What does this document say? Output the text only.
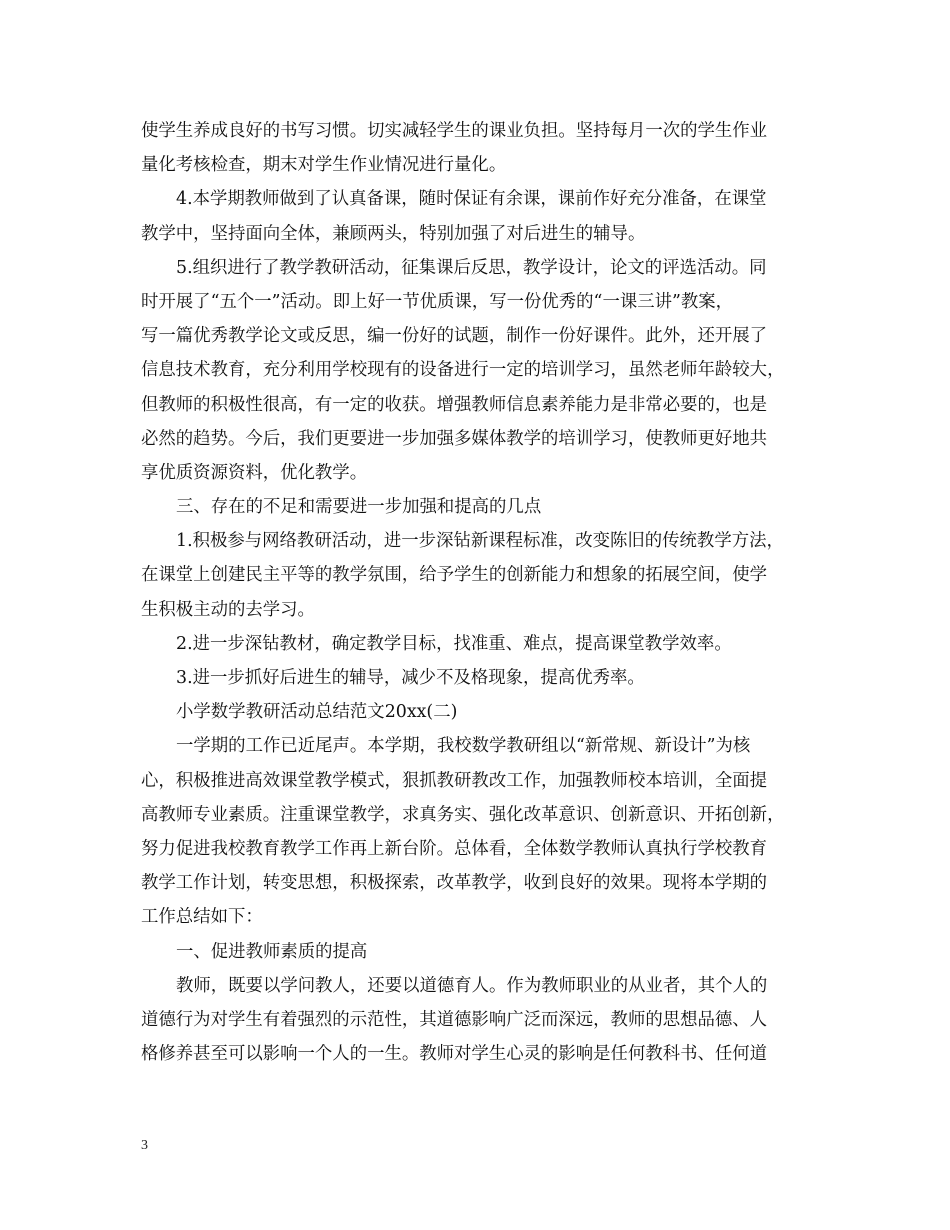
使学生养成良好的书写习惯。切实减轻学生的课业负担。坚持每月一次的学生作业
量化考核检查，期末对学生作业情况进行量化。
4.本学期教师做到了认真备课，随时保证有余课，课前作好充分准备，在课堂
教学中，坚持面向全体，兼顾两头，特别加强了对后进生的辅导。
5.组织进行了教学教研活动，征集课后反思，教学设计，论文的评选活动。同
时开展了“五个一”活动。即上好一节优质课，写一份优秀的“一课三讲”教案，
写一篇优秀教学论文或反思，编一份好的试题，制作一份好课件。此外，还开展了
信息技术教育，充分利用学校现有的设备进行一定的培训学习，虽然老师年龄较大，
但教师的积极性很高，有一定的收获。增强教师信息素养能力是非常必要的，也是
必然的趋势。今后，我们更要进一步加强多媒体教学的培训学习，使教师更好地共
享优质资源资料，优化教学。
三、存在的不足和需要进一步加强和提高的几点
1.积极参与网络教研活动，进一步深钻新课程标准，改变陈旧的传统教学方法，
在课堂上创建民主平等的教学氛围，给予学生的创新能力和想象的拓展空间，使学
生积极主动的去学习。
2.进一步深钻教材，确定教学目标，找准重、难点，提高课堂教学效率。
3.进一步抓好后进生的辅导，减少不及格现象，提高优秀率。
小学数学教研活动总结范文20xx(二)
一学期的工作已近尾声。本学期，我校数学教研组以“新常规、新设计”为核
心，积极推进高效课堂教学模式，狠抓教研教改工作，加强教师校本培训，全面提
高教师专业素质。注重课堂教学，求真务实、强化改革意识、创新意识、开拓创新，
努力促进我校教育教学工作再上新台阶。总体看，全体数学教师认真执行学校教育
教学工作计划，转变思想，积极探索，改革教学，收到良好的效果。现将本学期的
工作总结如下：
一、促进教师素质的提高
教师，既要以学问教人，还要以道德育人。作为教师职业的从业者，其个人的
道德行为对学生有着强烈的示范性，其道德影响广泛而深远，教师的思想品德、人
格修养甚至可以影响一个人的一生。教师对学生心灵的影响是任何教科书、任何道
3
